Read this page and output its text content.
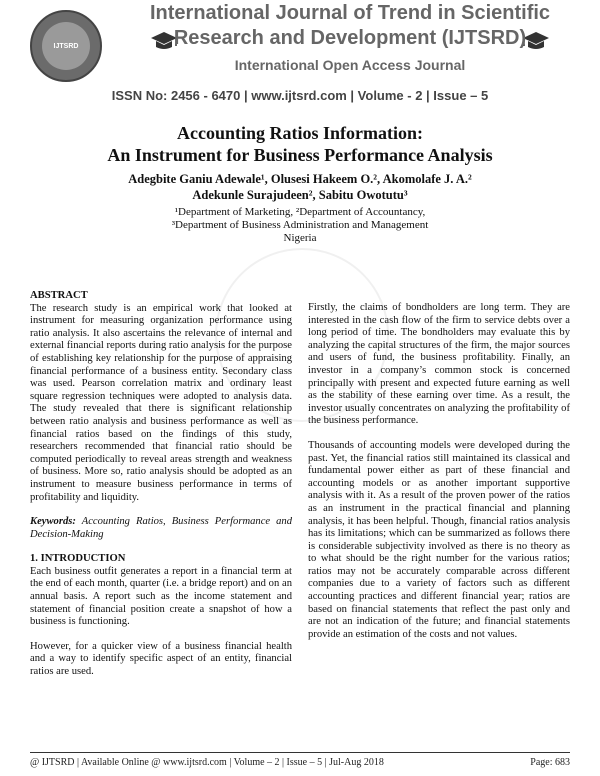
IJTSRD
International Journal of Trend in Scientific
Research and Development (IJTSRD)
International Open Access Journal
ISSN No: 2456 - 6470 | www.ijtsrd.com | Volume - 2 | Issue – 5
Accounting Ratios Information:
An Instrument for Business Performance Analysis
Adegbite Ganiu Adewale¹, Olusesi Hakeem O.², Akomolafe J. A.²
Adekunle Surajudeen², Sabitu Owotutu³
¹Department of Marketing, ²Department of Accountancy,
³Department of Business Administration and Management
Nigeria
ABSTRACT

The research study is an empirical work that looked at instrument for measuring organization performance using ratio analysis. It also ascertains the relevance of internal and external financial reports during ratio analysis for the purpose of establishing key relationship for the purpose of appraising financial performance of a business entity. Secondary class was used. Pearson correlation matrix and ordinary least square regression techniques were adopted to analysis data. The study revealed that there is significant relationship between ratio analysis and business performance as well as financial ratios based on the findings of this study, researchers recommended that financial ratio should be computed periodically to reveal areas strength and weakness of business. More so, ratio analysis should be adopted as an instrument to measure business performance in terms of profitability and liquidity.

Keywords: Accounting Ratios, Business Performance and Decision-Making

1. INTRODUCTION

Each business outfit generates a report in a financial term at the end of each month, quarter (i.e. a bridge report) and on an annual basis. A report such as the income statement and statement of financial position create a snapshot of how a business is functioning.

However, for a quicker view of a business financial health and a way to identify specific aspect of an entity, financial ratios are used.

Firstly, the claims of bondholders are long term. They are interested in the cash flow of the firm to service debts over a long period of time. The bondholders may evaluate this by analyzing the capital structures of the firm, the major sources and users of fund, the business profitability. Finally, an investor in a company’s common stock is concerned principally with present and expected future earning as well as the stability of these earning over time. As a result, the investor usually concentrates on analyzing the profitability of the business performance.

Thousands of accounting models were developed during the past. Yet, the financial ratios still maintained its classical and fundamental power either as part of these financial and accounting models or as another important supportive analysis with it. As a result of the proven power of the ratios as an instrument in the practical financial and planning analysis, it has been helpful. Though, financial ratios analysis has its limitations; which can be summarized as follows there is considerable subjectivity involved as there is no theory as to what should be the right number for the various ratios; ratios may not be accurately comparable across different companies due to a variety of factors such as different accounting practices and different financial year; ratios are based on financial statements that reflect the past only and are not an indication of the future; and financial statements provide an estimation of the costs and not values.

@ IJTSRD | Available Online @ www.ijtsrd.com | Volume – 2 | Issue – 5 | Jul-Aug 2018	Page: 683
